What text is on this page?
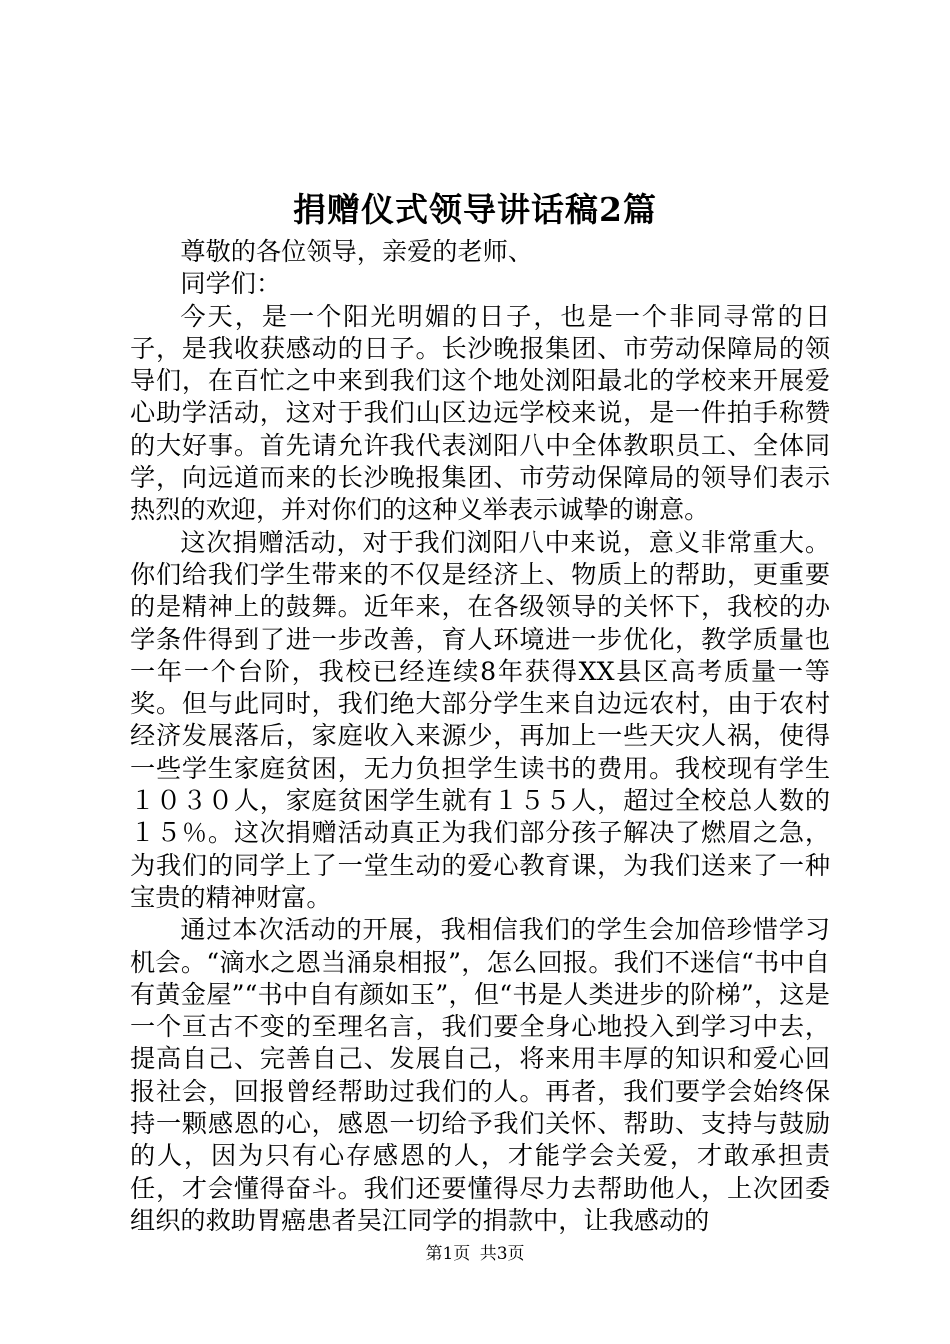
捐赠仪式领导讲话稿2篇

尊敬的各位领导，亲爱的老师、

同学们：

今天，是一个阳光明媚的日子，也是一个非同寻常的日子，是我收获感动的日子。长沙晚报集团、市劳动保障局的领导们，在百忙之中来到我们这个地处浏阳最北的学校来开展爱心助学活动，这对于我们山区边远学校来说，是一件拍手称赞的大好事。首先请允许我代表浏阳八中全体教职员工、全体同学，向远道而来的长沙晚报集团、市劳动保障局的领导们表示热烈的欢迎，并对你们的这种义举表示诚挚的谢意。

这次捐赠活动，对于我们浏阳八中来说，意义非常重大。你们给我们学生带来的不仅是经济上、物质上的帮助，更重要的是精神上的鼓舞。近年来，在各级领导的关怀下，我校的办学条件得到了进一步改善，育人环境进一步优化，教学质量也一年一个台阶，我校已经连续8年获得XX县区高考质量一等奖。但与此同时，我们绝大部分学生来自边远农村，由于农村经济发展落后，家庭收入来源少，再加上一些天灾人祸，使得一些学生家庭贫困，无力负担学生读书的费用。我校现有学生１０３０人，家庭贫困学生就有１５５人，超过全校总人数的１５％。这次捐赠活动真正为我们部分孩子解决了燃眉之急，为我们的同学上了一堂生动的爱心教育课，为我们送来了一种宝贵的精神财富。

通过本次活动的开展，我相信我们的学生会加倍珍惜学习机会。“滴水之恩当涌泉相报”，怎么回报。我们不迷信“书中自有黄金屋”“书中自有颜如玉”，但“书是人类进步的阶梯”，这是一个亘古不变的至理名言，我们要全身心地投入到学习中去，提高自己、完善自己、发展自己，将来用丰厚的知识和爱心回报社会，回报曾经帮助过我们的人。再者，我们要学会始终保持一颗感恩的心，感恩一切给予我们关怀、帮助、支持与鼓励的人，因为只有心存感恩的人，才能学会关爱，才敢承担责任，才会懂得奋斗。我们还要懂得尽力去帮助他人，上次团委组织的救助胃癌患者吴江同学的捐款中，让我感动的

第1页 共3页
